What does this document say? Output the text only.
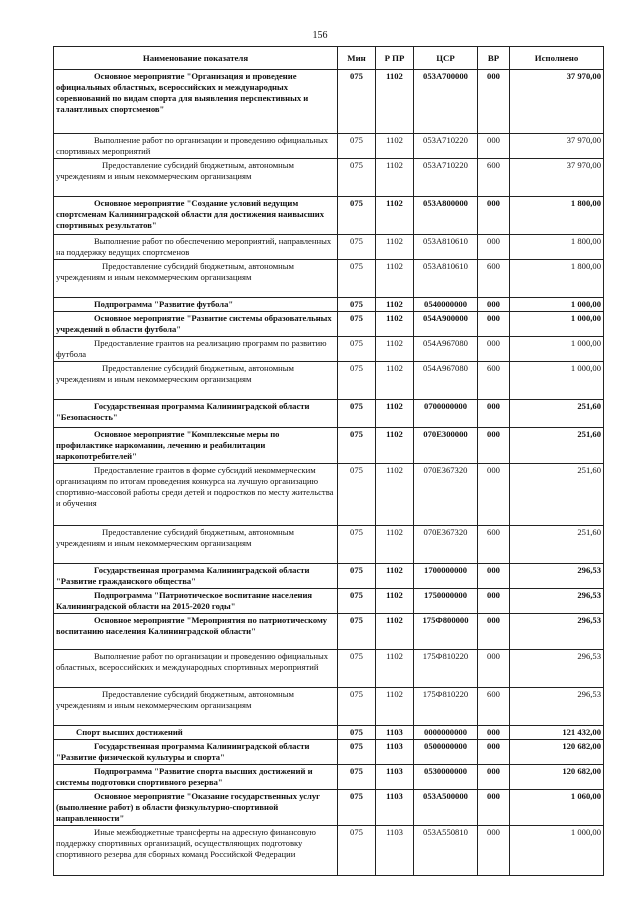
156
Наименование показателя	Мин	Р ПР	ЦСР	ВР	Исполнено
Основное мероприятие "Организация и проведение официальных областных, всероссийских и международных соревнований по видам спорта для выявления перспективных и талантливых спортсменов"	075	1102	053А700000	000	37 970,00
Выполнение работ по организации и проведению официальных спортивных мероприятий	075	1102	053А710220	000	37 970,00
Предоставление субсидий бюджетным, автономным учреждениям и иным некоммерческим организациям	075	1102	053А710220	600	37 970,00
Основное мероприятие "Создание условий ведущим спортсменам Калининградской области для достижения наивысших спортивных результатов"	075	1102	053А800000	000	1 800,00
Выполнение работ по обеспечению мероприятий, направленных на поддержку ведущих спортсменов	075	1102	053А810610	000	1 800,00
Предоставление субсидий бюджетным, автономным учреждениям и иным некоммерческим организациям	075	1102	053А810610	600	1 800,00
Подпрограмма "Развитие футбола"	075	1102	0540000000	000	1 000,00
Основное мероприятие "Развитие системы образовательных учреждений в области футбола"	075	1102	054А900000	000	1 000,00
Предоставление грантов на реализацию программ по развитию футбола	075	1102	054А967080	000	1 000,00
Предоставление субсидий бюджетным, автономным учреждениям и иным некоммерческим организациям	075	1102	054А967080	600	1 000,00
Государственная программа Калининградской области "Безопасность"	075	1102	0700000000	000	251,60
Основное мероприятие "Комплексные меры по профилактике наркомании, лечению и реабилитации наркопотребителей"	075	1102	070Е300000	000	251,60
Предоставление грантов в форме субсидий некоммерческим организациям по итогам проведения конкурса на лучшую организацию спортивно-массовой работы среди детей и подростков по месту жительства и обучения	075	1102	070Е367320	000	251,60
Предоставление субсидий бюджетным, автономным учреждениям и иным некоммерческим организациям	075	1102	070Е367320	600	251,60
Государственная программа Калининградской области "Развитие гражданского общества"	075	1102	1700000000	000	296,53
Подпрограмма "Патриотическое воспитание населения Калининградской области на 2015-2020 годы"	075	1102	1750000000	000	296,53
Основное мероприятие "Мероприятия по патриотическому воспитанию населения Калининградской области"	075	1102	175Ф800000	000	296,53
Выполнение работ по организации и проведению официальных областных, всероссийских и международных спортивных мероприятий	075	1102	175Ф810220	000	296,53
Предоставление субсидий бюджетным, автономным учреждениям и иным некоммерческим организациям	075	1102	175Ф810220	600	296,53
Спорт высших достижений	075	1103	0000000000	000	121 432,00
Государственная программа Калининградской области "Развитие физической культуры и спорта"	075	1103	0500000000	000	120 682,00
Подпрограмма "Развитие спорта высших достижений и системы подготовки спортивного резерва"	075	1103	0530000000	000	120 682,00
Основное мероприятие "Оказание государственных услуг (выполнение работ) в области физкультурно-спортивной направленности"	075	1103	053А500000	000	1 060,00
Иные межбюджетные трансферты на адресную финансовую поддержку спортивных организаций, осуществляющих подготовку спортивного резерва для сборных команд Российской Федерации	075	1103	053А550810	000	1 000,00
